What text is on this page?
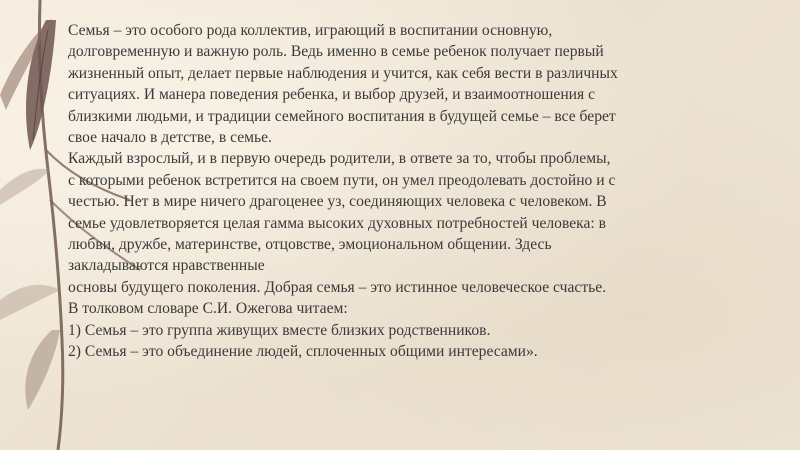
Семья – это особого рода коллектив, играющий в воспитании основную,
долговременную и важную роль. Ведь именно в семье ребенок получает первый
жизненный опыт, делает первые наблюдения и учится, как себя вести в различных
ситуациях. И манера поведения ребенка, и выбор друзей, и взаимоотношения с
близкими людьми, и традиции семейного воспитания в будущей семье – все берет
свое начало в детстве, в семье.
Каждый взрослый, и в первую очередь родители, в ответе за то, чтобы проблемы,
с которыми ребенок встретится на своем пути, он умел преодолевать достойно и с
честью. Нет в мире ничего драгоценее уз, соединяющих человека с человеком. В
семье удовлетворяется целая гамма высоких духовных потребностей человека: в
любви, дружбе, материнстве, отцовстве, эмоциональном общении. Здесь
закладываются нравственные
основы будущего поколения. Добрая семья – это истинное человеческое счастье.
В толковом словаре С.И. Ожегова читаем:
1) Семья – это группа живущих вместе близких родственников.
2) Семья – это объединение людей, сплоченных общими интересами».
